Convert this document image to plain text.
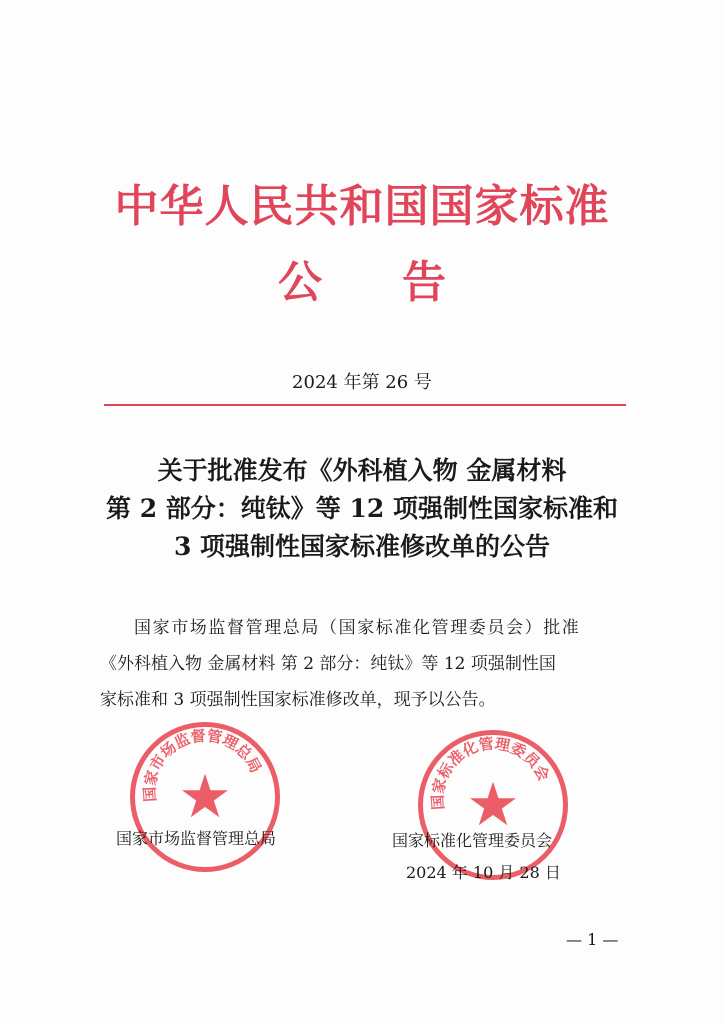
中华人民共和国国家标准
公告
2024 年第 26 号
关于批准发布《外科植入物 金属材料
第 2 部分：纯钛》等 12 项强制性国家标准和
3 项强制性国家标准修改单的公告
国家市场监督管理总局（国家标准化管理委员会）批准
《外科植入物 金属材料 第 2 部分：纯钛》等 12 项强制性国
家标准和 3 项强制性国家标准修改单，现予以公告。
国家市场监督管理总局
★	国家标准化管理委员会
★
国家市场监督管理总局	国家标准化管理委员会
2024 年 10 月 28 日
— 1 —
